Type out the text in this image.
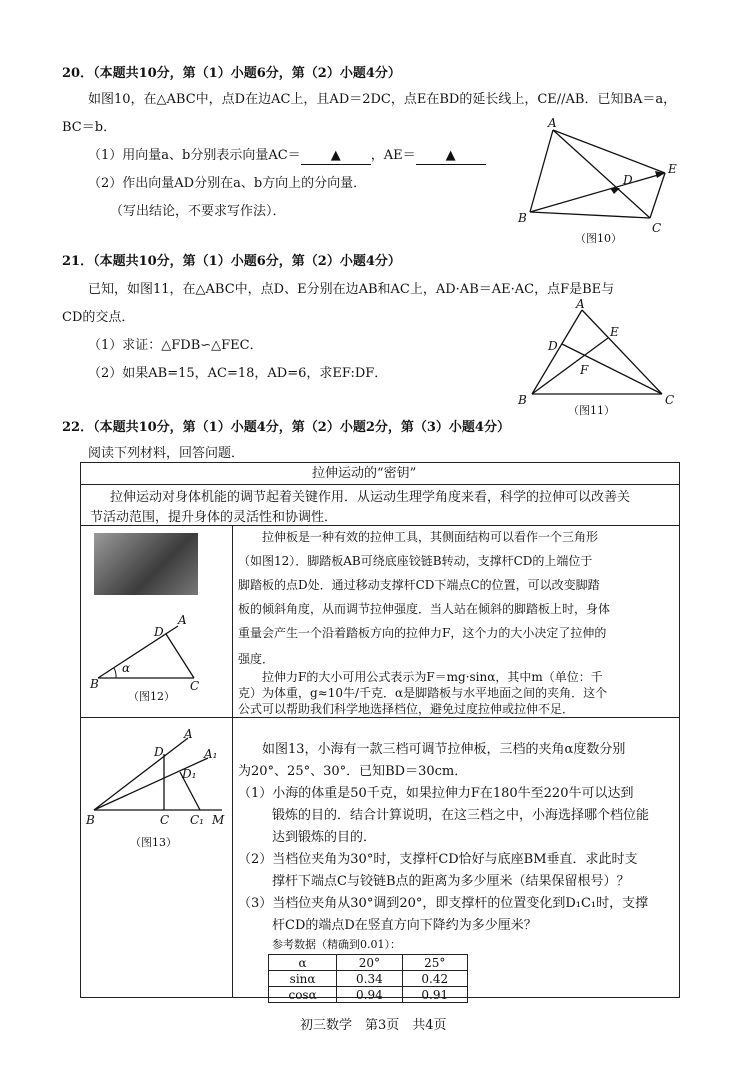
20．（本题共10分，第（1）小题6分，第（2）小题4分）
如图10，在△ABC中，点D在边AC上，且AD＝2DC，点E在BD的延长线上，CE//AB．已知BA＝a，
BC＝b．
（1）用向量a、b分别表示向量AC＝ ▲ ，AE＝ ▲
（2）作出向量AD分别在a、b方向上的分向量．
（写出结论，不要求写作法）．
A
B
C
D
E
（图10）
21．（本题共10分，第（1）小题6分，第（2）小题4分）
已知，如图11，在△ABC中，点D、E分别在边AB和AC上，AD·AB＝AE·AC，点F是BE与
CD的交点．
（1）求证：△FDB∽△FEC．
（2）如果AB=15，AC=18，AD=6，求EF:DF．
A
B	C
D
E
F
（图11）
22．（本题共10分，第（1）小题4分，第（2）小题2分，第（3）小题4分）
阅读下列材料，回答问题．
拉伸运动的“密钥”
拉伸运动对身体机能的调节起着关键作用．从运动生理学角度来看，科学的拉伸可以改善关
节活动范围，提升身体的灵活性和协调性．
A
B	C
D
α
（图12）
拉伸板是一种有效的拉伸工具，其侧面结构可以看作一个三角形
（如图12）．脚踏板AB可绕底座铰链B转动，支撑杆CD的上端位于
脚踏板的点D处．通过移动支撑杆CD下端点C的位置，可以改变脚踏
板的倾斜角度，从而调节拉伸强度．当人站在倾斜的脚踏板上时，身体
重量会产生一个沿着踏板方向的拉伸力F，这个力的大小决定了拉伸的
强度．
拉伸力F的大小可用公式表示为F＝mg·sinα，其中m（单位：千
克）为体重，g≈10牛/千克．α是脚踏板与水平地面之间的夹角．这个
A
A₁
D
D₁
B	C C₁ M
（图13）
如图13，小海有一款三档可调节拉伸板，三档的夹角α度数分别
为20°、25°、30°．已知BD＝30cm．
（1）小海的体重是50千克，如果拉伸力F在180牛至220牛可以达到
锻炼的目的．结合计算说明，在这三档之中，小海选择哪个档位能
达到锻炼的目的．
（2）当档位夹角为30°时，支撑杆CD恰好与底座BM垂直．求此时支
撑杆下端点C与铰链B点的距离为多少厘米（结果保留根号）？
（3）当档位夹角从30°调到20°，即支撑杆的位置变化到D₁C₁时，支撑
杆CD的端点D在竖直方向下降约为多少厘米？
参考数据（精确到0.01）：
α	20°	25°
sinα	0.34	0.42
cosα	0.94	0.91
初三数学　第3页　共4页
公式可以帮助我们科学地选择档位，避免过度拉伸或拉伸不足．
